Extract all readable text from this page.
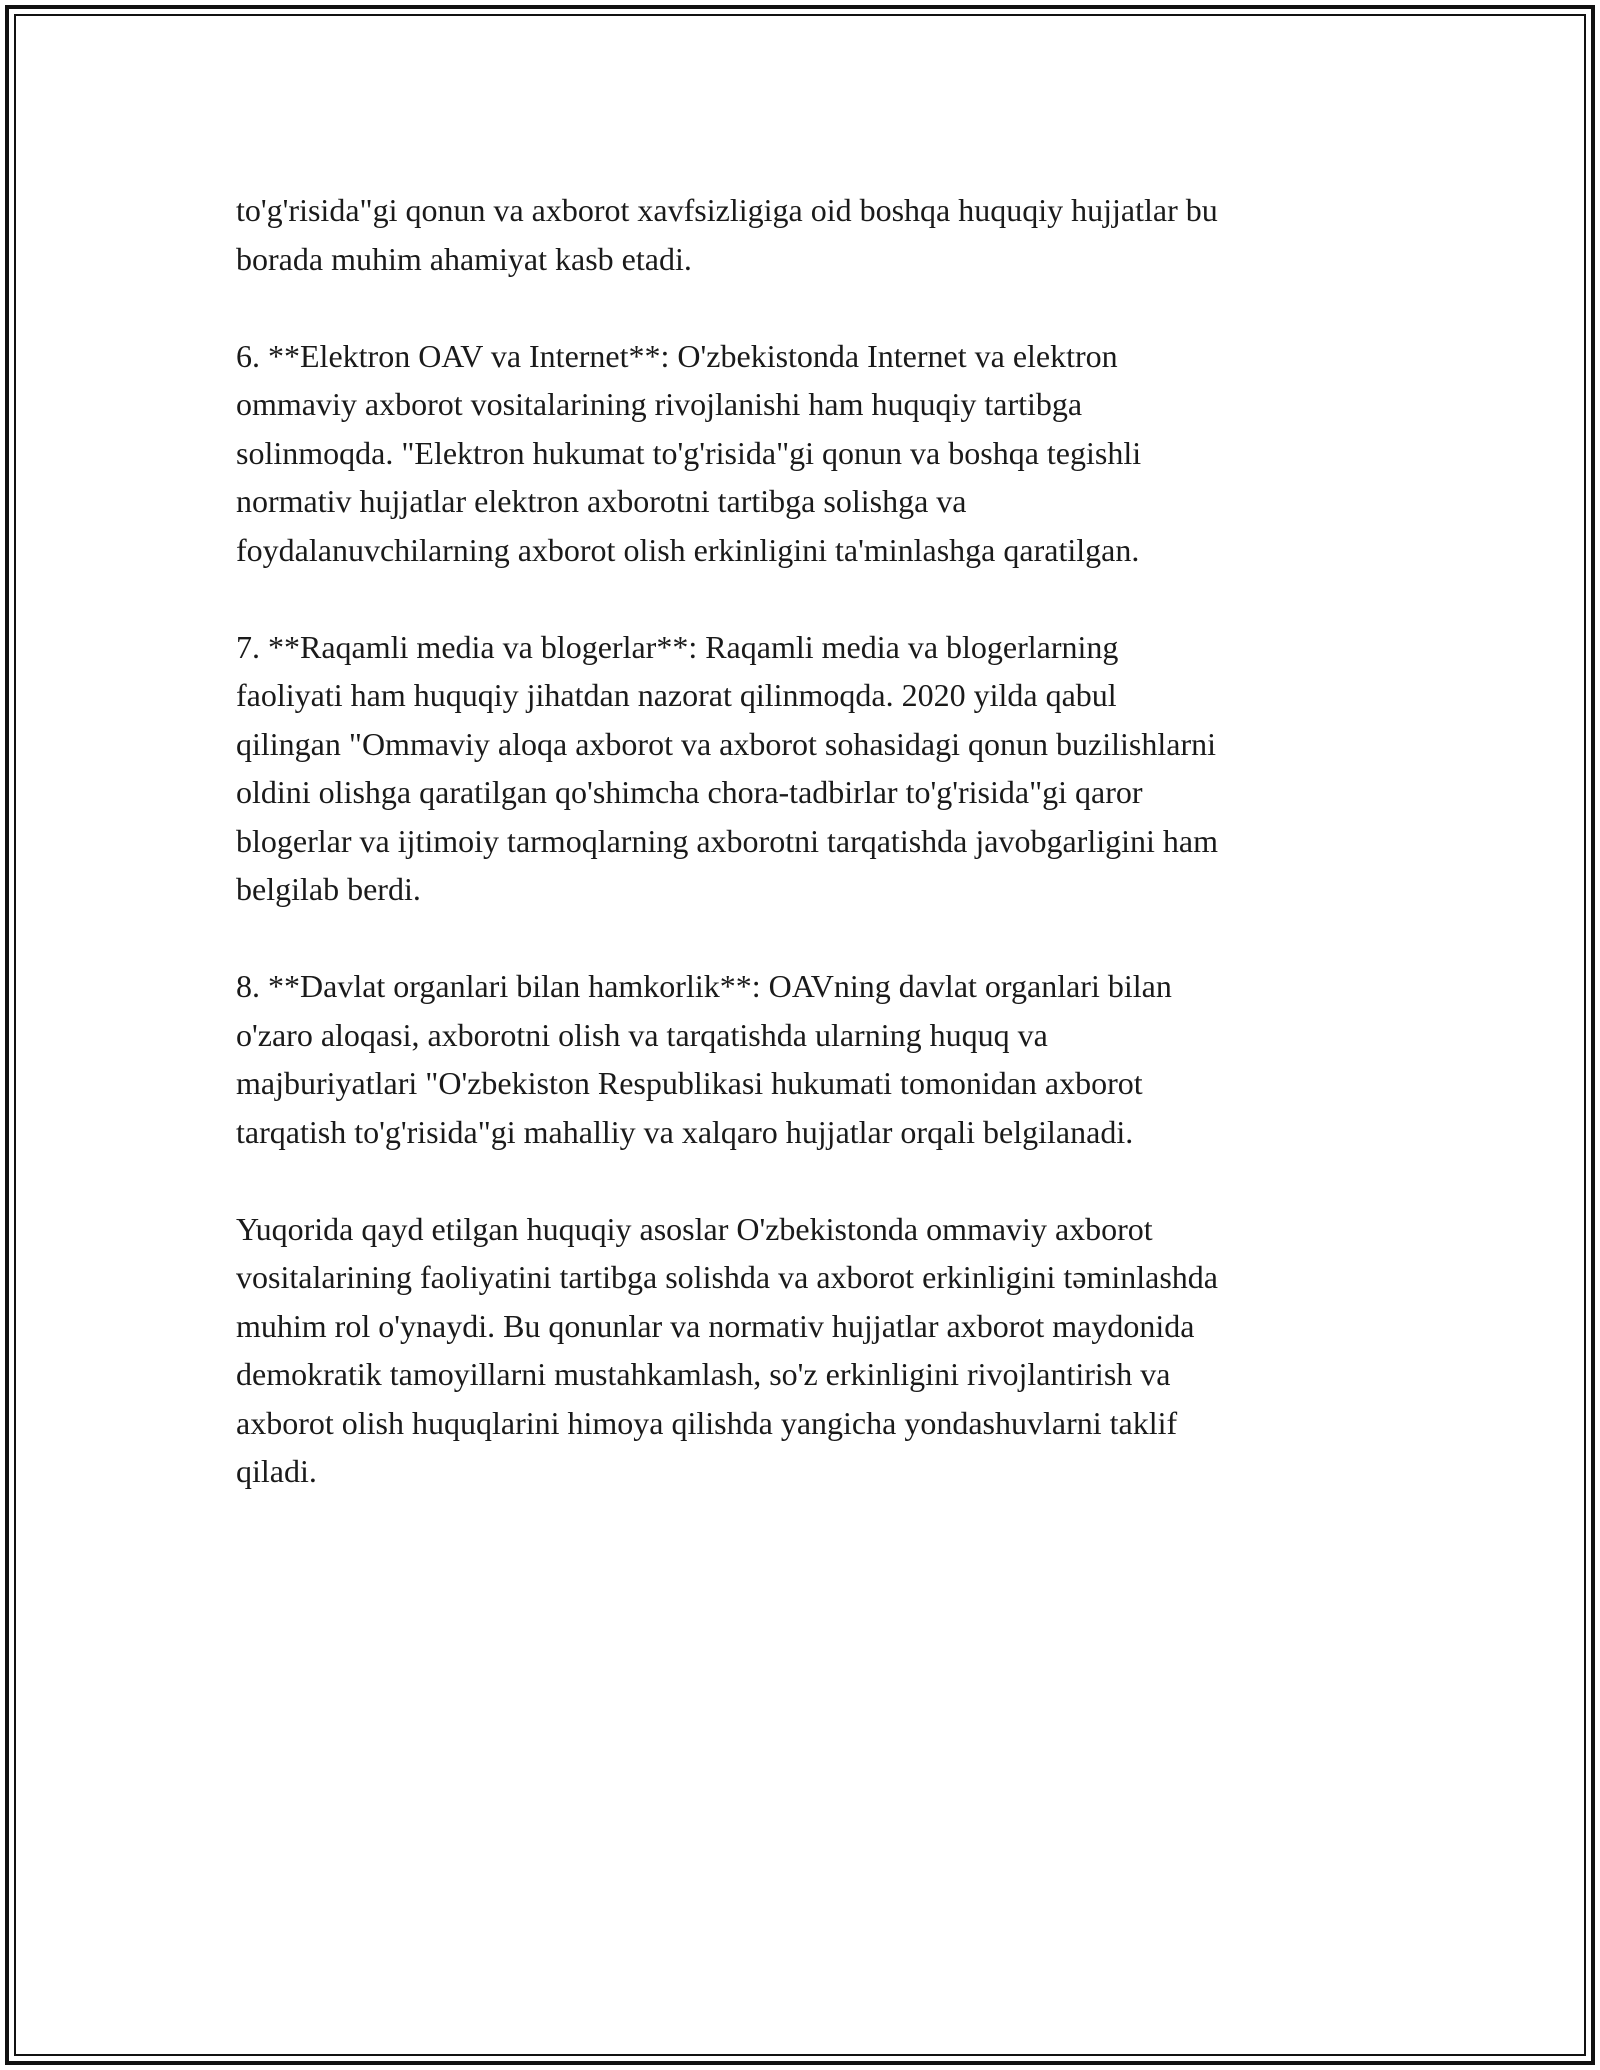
to'g'risida"gi qonun va axborot xavfsizligiga oid boshqa huquqiy hujjatlar bu
borada muhim ahamiyat kasb etadi.

6. **Elektron OAV va Internet**: O'zbekistonda Internet va elektron
ommaviy axborot vositalarining rivojlanishi ham huquqiy tartibga
solinmoqda. "Elektron hukumat to'g'risida"gi qonun va boshqa tegishli
normativ hujjatlar elektron axborotni tartibga solishga va
foydalanuvchilarning axborot olish erkinligini ta'minlashga qaratilgan.

7. **Raqamli media va blogerlar**: Raqamli media va blogerlarning
faoliyati ham huquqiy jihatdan nazorat qilinmoqda. 2020 yilda qabul
qilingan "Ommaviy aloqa axborot va axborot sohasidagi qonun buzilishlarni
oldini olishga qaratilgan qo'shimcha chora-tadbirlar to'g'risida"gi qaror
blogerlar va ijtimoiy tarmoqlarning axborotni tarqatishda javobgarligini ham
belgilab berdi.

8. **Davlat organlari bilan hamkorlik**: OAVning davlat organlari bilan
o'zaro aloqasi, axborotni olish va tarqatishda ularning huquq va
majburiyatlari "O'zbekiston Respublikasi hukumati tomonidan axborot
tarqatish to'g'risida"gi mahalliy va xalqaro hujjatlar orqali belgilanadi.

Yuqorida qayd etilgan huquqiy asoslar O'zbekistonda ommaviy axborot
vositalarining faoliyatini tartibga solishda va axborot erkinligini təminlashda
muhim rol o'ynaydi. Bu qonunlar va normativ hujjatlar axborot maydonida
demokratik tamoyillarni mustahkamlash, so'z erkinligini rivojlantirish va
axborot olish huquqlarini himoya qilishda yangicha yondashuvlarni taklif
qiladi.
